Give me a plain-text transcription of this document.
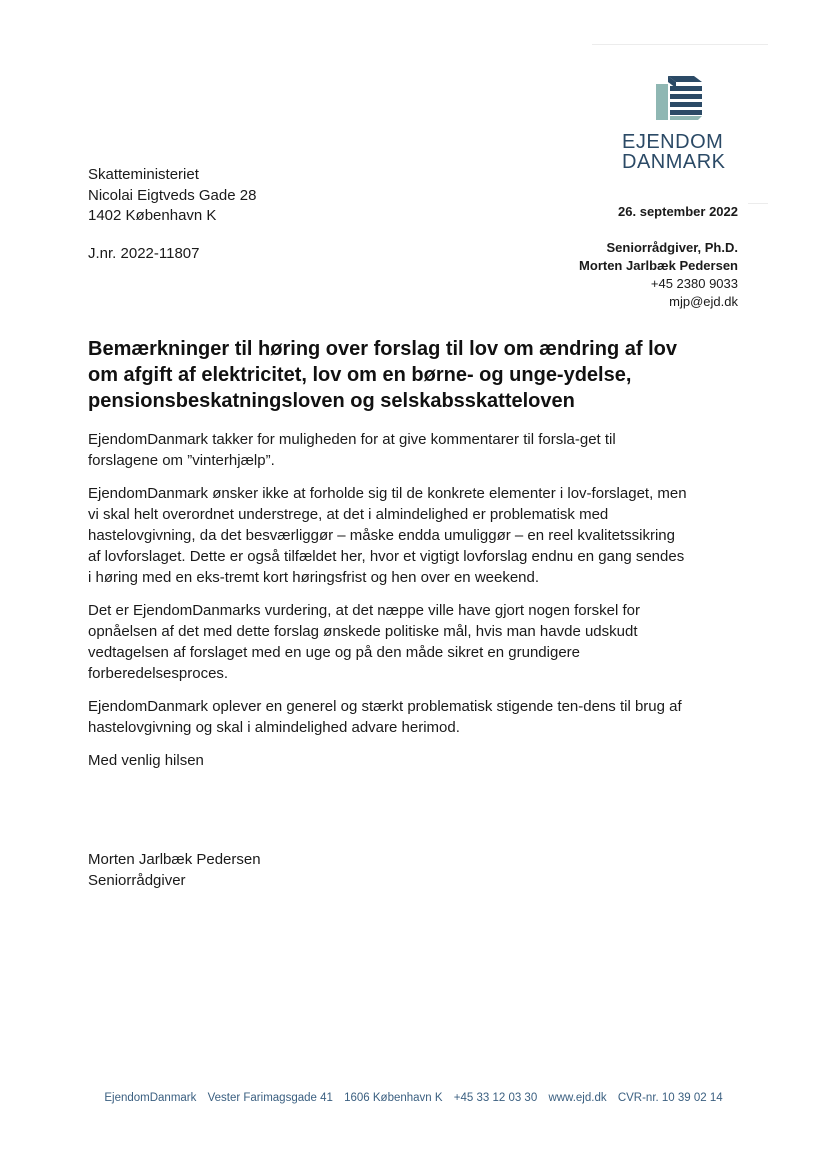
EJENDOM
DANMARK
Skatteministeriet
Nicolai Eigtveds Gade 28
1402 København K
J.nr. 2022-11807
26. september 2022
Seniorrådgiver, Ph.D.
Morten Jarlbæk Pedersen
+45 2380 9033
mjp@ejd.dk
Bemærkninger til høring over forslag til lov om ændring af lov om afgift af elektricitet, lov om en børne- og unge-ydelse, pensionsbeskatningsloven og selskabsskatteloven

EjendomDanmark takker for muligheden for at give kommentarer til forsla-get til forslagene om ”vinterhjælp”.

EjendomDanmark ønsker ikke at forholde sig til de konkrete elementer i lov-forslaget, men vi skal helt overordnet understrege, at det i almindelighed er problematisk med hastelovgivning, da det besværliggør – måske endda umuliggør – en reel kvalitetssikring af lovforslaget. Dette er også tilfældet her, hvor et vigtigt lovforslag endnu en gang sendes i høring med en eks-tremt kort høringsfrist og hen over en weekend.

Det er EjendomDanmarks vurdering, at det næppe ville have gjort nogen forskel for opnåelsen af det med dette forslag ønskede politiske mål, hvis man havde udskudt vedtagelsen af forslaget med en uge og på den måde sikret en grundigere forberedelsesproces.

EjendomDanmark oplever en generel og stærkt problematisk stigende ten-dens til brug af hastelovgivning og skal i almindelighed advare herimod.

Med venlig hilsen

Morten Jarlbæk Pedersen
Seniorrådgiver
EjendomDanmark Vester Farimagsgade 41 1606 København K +45 33 12 03 30 www.ejd.dk CVR-nr. 10 39 02 14
